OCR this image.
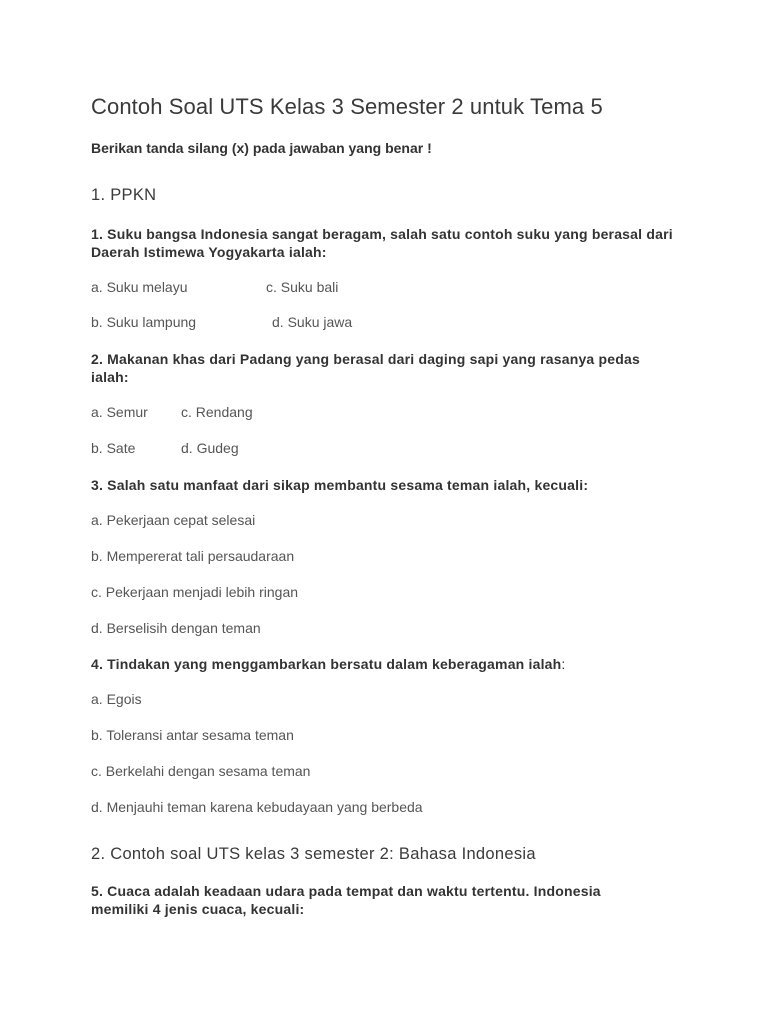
Contoh Soal UTS Kelas 3 Semester 2 untuk Tema 5

Berikan tanda silang (x) pada jawaban yang benar !

1. PPKN

1. Suku bangsa Indonesia sangat beragam, salah satu contoh suku yang berasal dari Daerah Istimewa Yogyakarta ialah:

a. Suku melayu	c. Suku bali

b. Suku lampung	d. Suku jawa

2. Makanan khas dari Padang yang berasal dari daging sapi yang rasanya pedas ialah:

a. Semur c. Rendang

b. Sate	d. Gudeg

3. Salah satu manfaat dari sikap membantu sesama teman ialah, kecuali:

a. Pekerjaan cepat selesai

b. Mempererat tali persaudaraan

c. Pekerjaan menjadi lebih ringan

d. Berselisih dengan teman

4. Tindakan yang menggambarkan bersatu dalam keberagaman ialah:

a. Egois

b. Toleransi antar sesama teman

c. Berkelahi dengan sesama teman

d. Menjauhi teman karena kebudayaan yang berbeda

2. Contoh soal UTS kelas 3 semester 2: Bahasa Indonesia

5. Cuaca adalah keadaan udara pada tempat dan waktu tertentu. Indonesia memiliki 4 jenis cuaca, kecuali:
